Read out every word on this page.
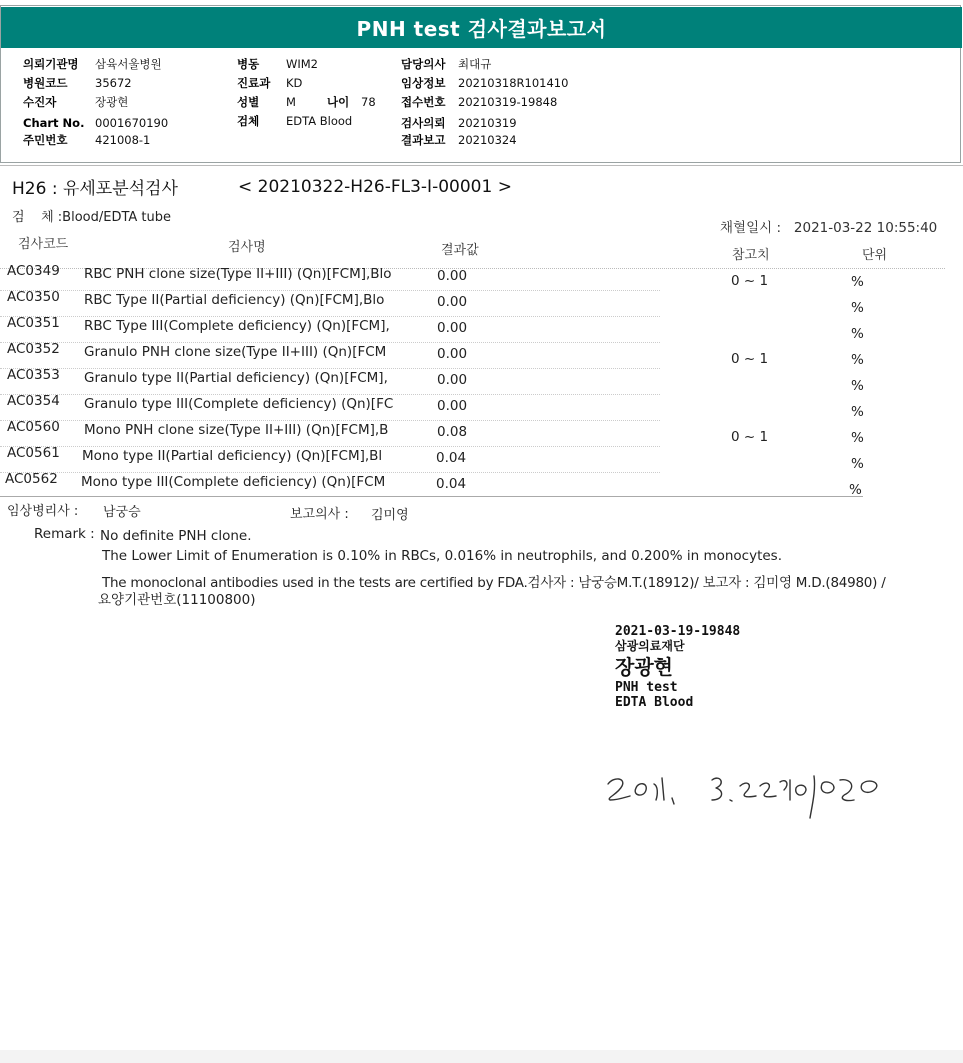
PNH test 검사결과보고서
의뢰기관명 삼육서울병원
병원코드 35672
수진자	장광현
Chart No. 0001670190
주민번호 421008-1
병동 WIM2
진료과 KD
성별 M	나이 78
검체 EDTA Blood
담당의사 최대규
임상정보 20210318R101410
접수번호 20210319-19848
검사의뢰 20210319
결과보고 20210324
H26 : 유세포분석검사	< 20210322-H26-FL3-I-00001 >
검    체 :Blood/EDTA tube
채혈일시 : 2021-03-22 10:55:40
검사코드	검사명	결과값	참고치	단위
AC0349	RBC PNH clone size(Type II+III) (Qn)[FCM],Blo	0.00	0 ~ 1	%
AC0350	RBC Type II(Partial deficiency) (Qn)[FCM],Blo	0.00	%
AC0351	RBC Type III(Complete deficiency) (Qn)[FCM],	0.00	%
AC0352	Granulo PNH clone size(Type II+III) (Qn)[FCM	0.00	0 ~ 1	%
AC0353	Granulo type II(Partial deficiency) (Qn)[FCM],	0.00	%
AC0354	Granulo type III(Complete deficiency) (Qn)[FC	0.00	%
AC0560	Mono PNH clone size(Type II+III) (Qn)[FCM],B	0.08	0 ~ 1	%
AC0561	Mono type II(Partial deficiency) (Qn)[FCM],Bl	0.04	%
AC0562	Mono type III(Complete deficiency) (Qn)[FCM	0.04	%
임상병리사 : 남궁승	보고의사 : 김미영
Remark : No definite PNH clone.
The Lower Limit of Enumeration is 0.10% in RBCs, 0.016% in neutrophils, and 0.200% in monocytes.
The monoclonal antibodies used in the tests are certified by FDA.검사자 : 남궁승M.T.(18912)/ 보고자 : 김미영 M.D.(84980) /
요양기관번호(11100800)
2021-03-19-19848
삼광의료재단
장광현
PNH test
EDTA Blood
